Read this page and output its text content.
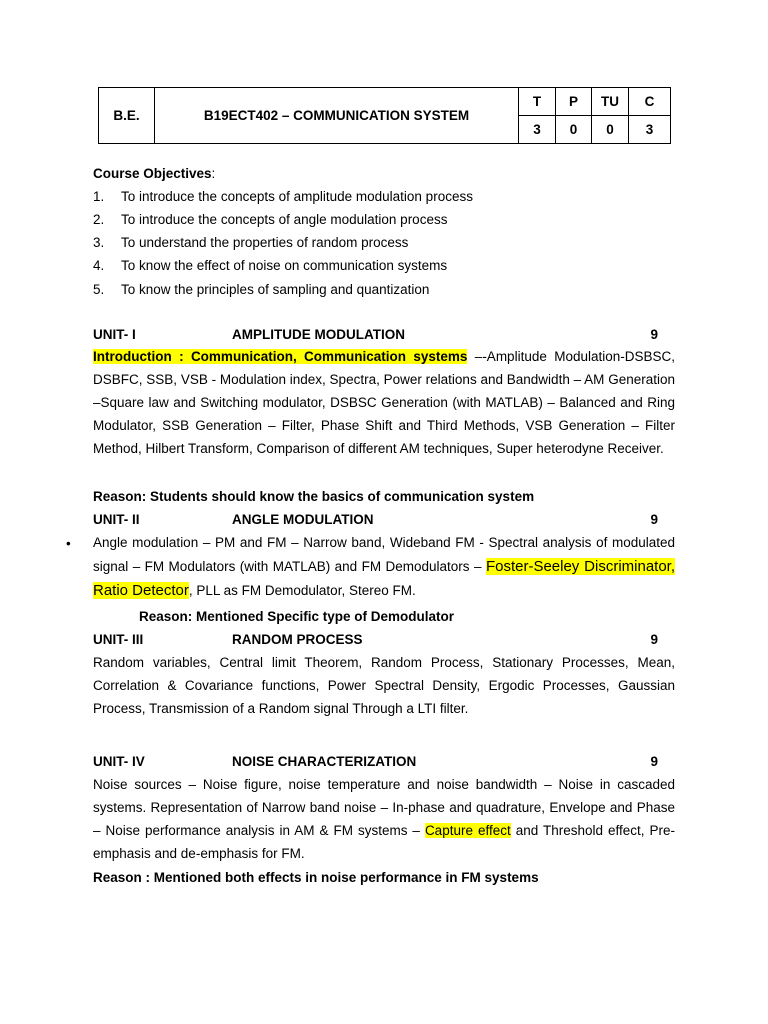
B.E.	B19ECT402 – COMMUNICATION SYSTEM	T	P	TU	C
		3	0	0	3
Course Objectives:
1. To introduce the concepts of amplitude modulation process
2. To introduce the concepts of angle modulation process
3. To understand the properties of random process
4. To know the effect of noise on communication systems
5. To know the principles of sampling and quantization
UNIT- I	AMPLITUDE MODULATION	9
Introduction : Communication, Communication systems –-Amplitude Modulation-DSBSC, DSBFC, SSB, VSB - Modulation index, Spectra, Power relations and Bandwidth – AM Generation –Square law and Switching modulator, DSBSC Generation (with MATLAB) – Balanced and Ring Modulator, SSB Generation – Filter, Phase Shift and Third Methods, VSB Generation – Filter Method, Hilbert Transform, Comparison of different AM techniques, Super heterodyne Receiver.
Reason: Students should know the basics of communication system
UNIT- II	ANGLE MODULATION	9
• Angle modulation – PM and FM – Narrow band, Wideband FM - Spectral analysis of modulated signal – FM Modulators (with MATLAB) and FM Demodulators – Foster-Seeley Discriminator, Ratio Detector, PLL as FM Demodulator, Stereo FM.
Reason: Mentioned Specific type of Demodulator
UNIT- III	RANDOM PROCESS	9
Random variables, Central limit Theorem, Random Process, Stationary Processes, Mean, Correlation & Covariance functions, Power Spectral Density, Ergodic Processes, Gaussian Process, Transmission of a Random signal Through a LTI filter.
UNIT- IV	NOISE CHARACTERIZATION	9
Noise sources – Noise figure, noise temperature and noise bandwidth – Noise in cascaded systems. Representation of Narrow band noise – In-phase and quadrature, Envelope and Phase – Noise performance analysis in AM & FM systems – Capture effect and Threshold effect, Pre-emphasis and de-emphasis for FM.
Reason : Mentioned both effects in noise performance in FM systems
